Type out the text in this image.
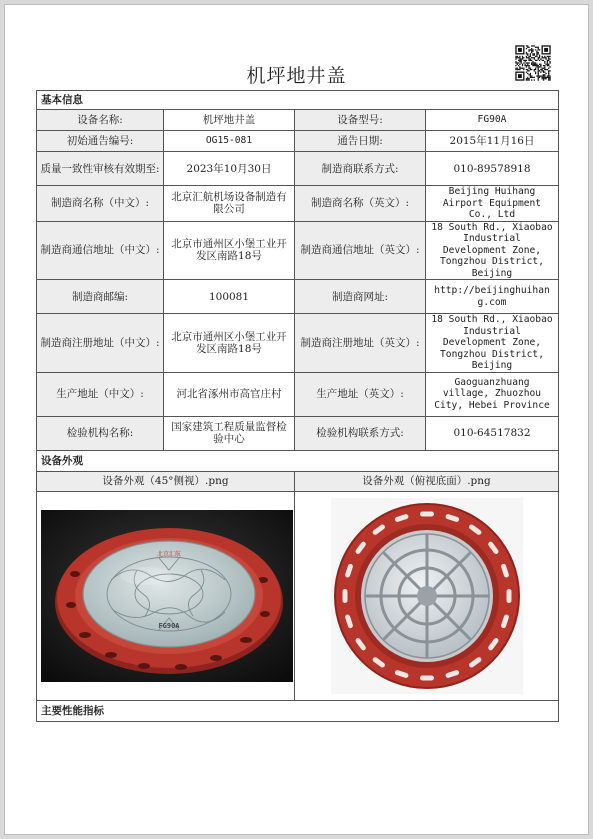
机坪地井盖
基本信息			
设备名称:	机坪地井盖	设备型号:	FG90A
初始通告编号:	OG15-081	通告日期:	2015年11月16日
质量一致性审核有效期至:	2023年10月30日	制造商联系方式:	010-89578918
制造商名称（中文）:	北京汇航机场设备制造有限公司	制造商名称（英文）:	Beijing Huihang Airport Equipment Co., Ltd
制造商通信地址（中文）:	北京市通州区小堡工业开发区南路18号	制造商通信地址（英文）:	18 South Rd., Xiaobao Industrial Development Zone, Tongzhou District, Beijing
制造商邮编:	100081	制造商网址:	http://beijinghuihang.com
制造商注册地址（中文）:	北京市通州区小堡工业开发区南路18号	制造商注册地址（英文）:	18 South Rd., Xiaobao Industrial Development Zone, Tongzhou District, Beijing
生产地址（中文）:	河北省涿州市高官庄村	生产地址（英文）:	Gaoguanzhuang village, Zhuozhou City, Hebei Province
检验机构名称:	国家建筑工程质量监督检验中心	检验机构联系方式:	010-64517832
设备外观			
设备外观（45°侧视）.png		设备外观（俯视底面）.png	

北京汇航
FG90A

主要性能指标			
